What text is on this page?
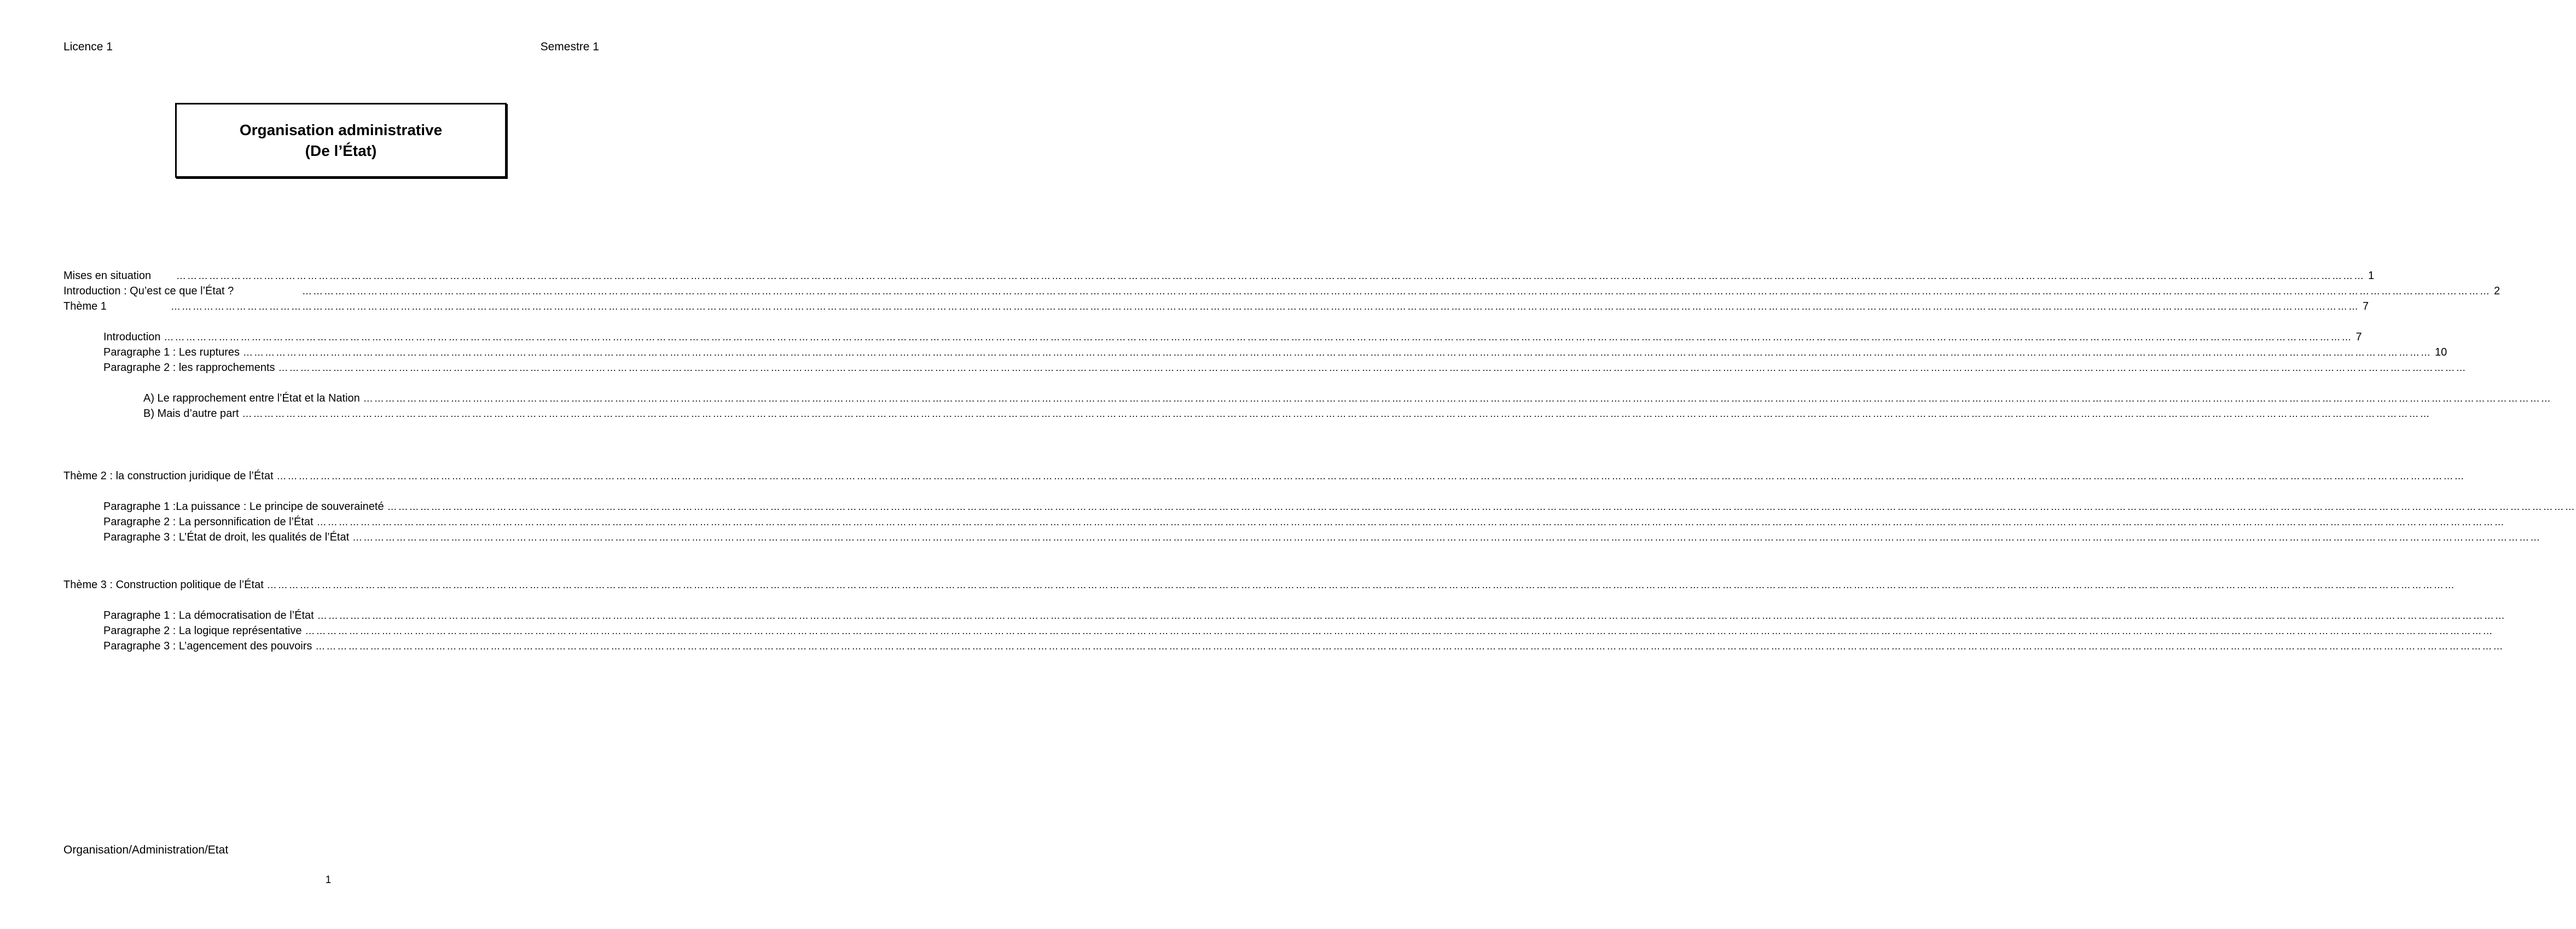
Licence 1	Semestre 1
Organisation administrative
(De l’État)
Mises en situation	…………………………………………………………………………………………………………………………………………………………………………………………………………………………………………………………………………………………………………………………………………………………………………………………………………………………………………………………………………………………………………………………………………………… 1
Introduction : Qu’est ce que l’État ?	…………………………………………………………………………………………………………………………………………………………………………………………………………………………………………………………………………………………………………………………………………………………………………………………………………………………………………………………………………………………………………………………………………………… 2
Thème 1	…………………………………………………………………………………………………………………………………………………………………………………………………………………………………………………………………………………………………………………………………………………………………………………………………………………………………………………………………………………………………………………………………………………… 7
Introduction …………………………………………………………………………………………………………………………………………………………………………………………………………………………………………………………………………………………………………………………………………………………………………………………………………………………………………………………………………………………………………………………………………………… 7
Paragraphe 1 : Les ruptures …………………………………………………………………………………………………………………………………………………………………………………………………………………………………………………………………………………………………………………………………………………………………………………………………………………………………………………………………………………………………………………………………………………… 10
Paragraphe 2 : les rapprochements ……………………………………………………………………………………………………………………………………………………………………………………………………………………………………………………………………………………………………………………………………………………………………………………………………………………………………………………………………………………………………………………………………………………
A) Le rapprochement entre l’État et la Nation ……………………………………………………………………………………………………………………………………………………………………………………………………………………………………………………………………………………………………………………………………………………………………………………………………………………………………………………………………………………………………………………………………………………
B) Mais d’autre part ……………………………………………………………………………………………………………………………………………………………………………………………………………………………………………………………………………………………………………………………………………………………………………………………………………………………………………………………………………………………………………………………………………………
Thème 2 : la construction juridique de l’État ……………………………………………………………………………………………………………………………………………………………………………………………………………………………………………………………………………………………………………………………………………………………………………………………………………………………………………………………………………………………………………………………………………………
Paragraphe 1 :La puissance : Le principe de souveraineté ……………………………………………………………………………………………………………………………………………………………………………………………………………………………………………………………………………………………………………………………………………………………………………………………………………………………………………………………………………………………………………………………………………………
Paragraphe 2 : La personnification de l’État ……………………………………………………………………………………………………………………………………………………………………………………………………………………………………………………………………………………………………………………………………………………………………………………………………………………………………………………………………………………………………………………………………………………
Paragraphe 3 : L’État de droit, les qualités de l’État ……………………………………………………………………………………………………………………………………………………………………………………………………………………………………………………………………………………………………………………………………………………………………………………………………………………………………………………………………………………………………………………………………………………
Thème 3 : Construction politique de l’État ……………………………………………………………………………………………………………………………………………………………………………………………………………………………………………………………………………………………………………………………………………………………………………………………………………………………………………………………………………………………………………………………………………………
Paragraphe 1 : La démocratisation de l’État ……………………………………………………………………………………………………………………………………………………………………………………………………………………………………………………………………………………………………………………………………………………………………………………………………………………………………………………………………………………………………………………………………………………
Paragraphe 2 : La logique représentative ……………………………………………………………………………………………………………………………………………………………………………………………………………………………………………………………………………………………………………………………………………………………………………………………………………………………………………………………………………………………………………………………………………………
Paragraphe 3 : L’agencement des pouvoirs ……………………………………………………………………………………………………………………………………………………………………………………………………………………………………………………………………………………………………………………………………………………………………………………………………………………………………………………………………………………………………………………………………………………
Organisation/Administration/Etat
1
